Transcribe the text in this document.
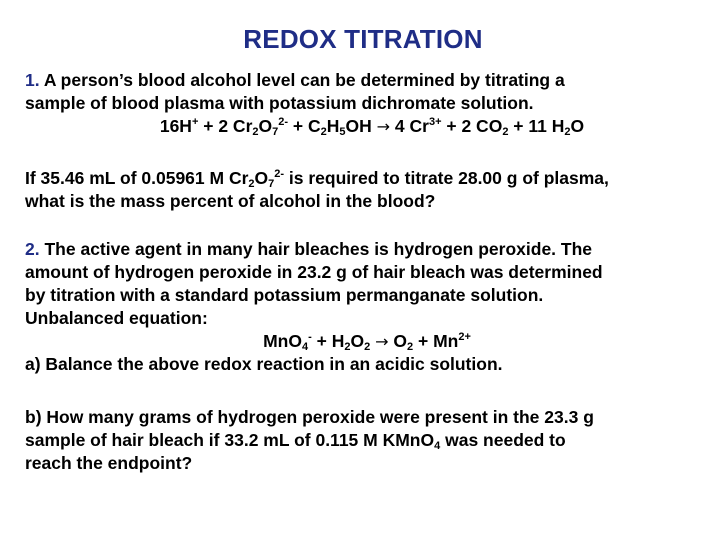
REDOX TITRATION
1. A person’s blood alcohol level can be determined by titrating a
sample of blood plasma with potassium dichromate solution.
16H+ + 2 $Cr_2O_7^{2-} + C_2H_5OH \to 4$ $Cr^{3+} + 2$ $CO_2 + 11$ $H_2O$
If 35.46 mL of 0.05961 M $Cr_2O_7^{2-}$ is required to titrate 28.00 g of plasma,
what is the mass percent of alcohol in the blood?
2. The active agent in many hair bleaches is hydrogen peroxide. The
amount of hydrogen peroxide in 23.2 g of hair bleach was determined
by titration with a standard potassium permanganate solution.
Unbalanced equation:
$MnO_4^- + H_2O_2 \to O_2 + Mn^{2+}$
a) Balance the above redox reaction in an acidic solution.
b) How many grams of hydrogen peroxide were present in the 23.3 g
sample of hair bleach if 33.2 mL of 0.115 M KMnO$_4$ was needed to
reach the endpoint?
